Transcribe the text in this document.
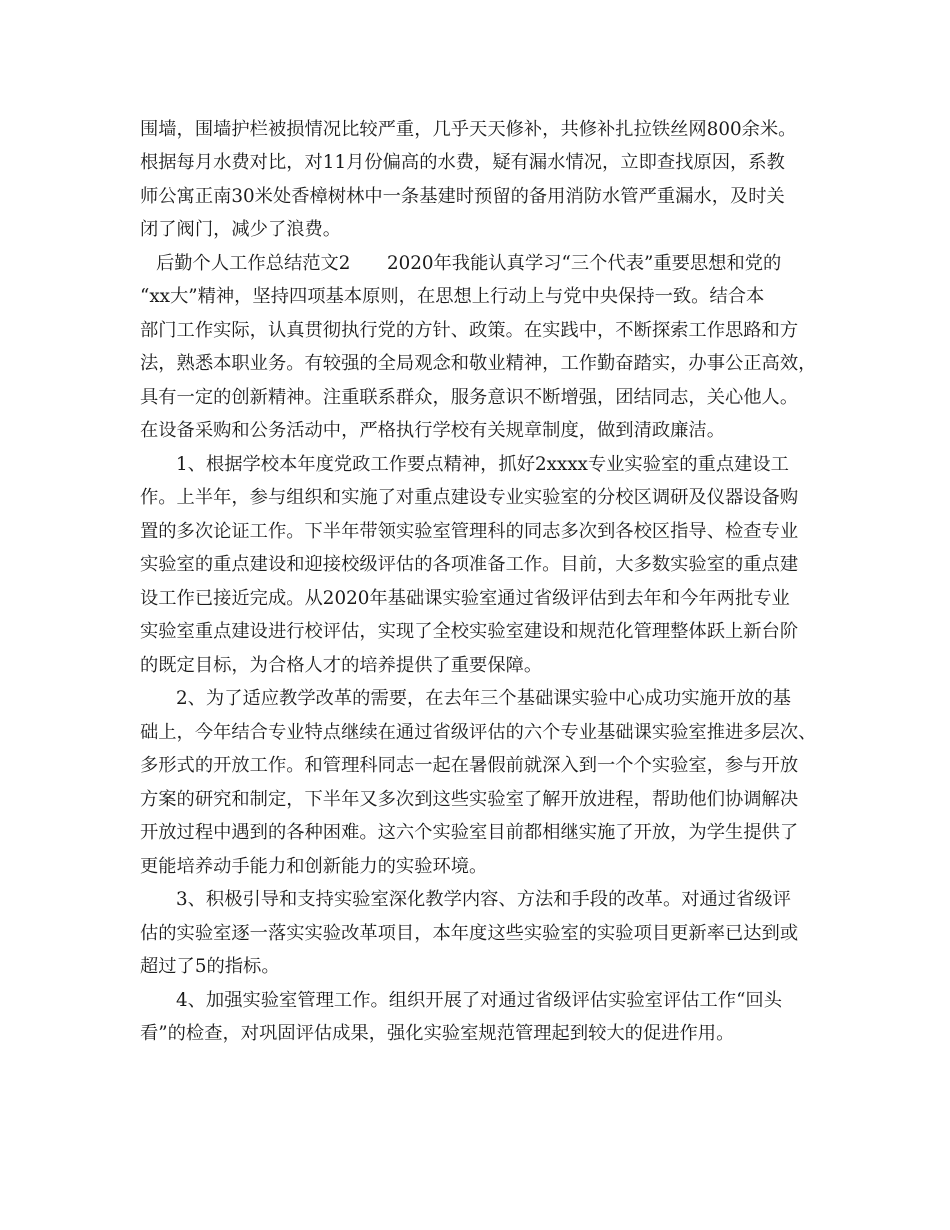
围墙，围墙护栏被损情况比较严重，几乎天天修补，共修补扎拉铁丝网800余米。
根据每月水费对比，对11月份偏高的水费，疑有漏水情况，立即查找原因，系教
师公寓正南30米处香樟树林中一条基建时预留的备用消防水管严重漏水，及时关
闭了阀门，减少了浪费。
后勤个人工作总结范文2　　2020年我能认真学习“三个代表”重要思想和党的
“xx大”精神，坚持四项基本原则，在思想上行动上与党中央保持一致。结合本
部门工作实际，认真贯彻执行党的方针、政策。在实践中，不断探索工作思路和方
法，熟悉本职业务。有较强的全局观念和敬业精神，工作勤奋踏实，办事公正高效，
具有一定的创新精神。注重联系群众，服务意识不断增强，团结同志，关心他人。
在设备采购和公务活动中，严格执行学校有关规章制度，做到清政廉洁。
1、根据学校本年度党政工作要点精神，抓好2xxxx专业实验室的重点建设工
作。上半年，参与组织和实施了对重点建设专业实验室的分校区调研及仪器设备购
置的多次论证工作。下半年带领实验室管理科的同志多次到各校区指导、检查专业
实验室的重点建设和迎接校级评估的各项准备工作。目前，大多数实验室的重点建
设工作已接近完成。从2020年基础课实验室通过省级评估到去年和今年两批专业
实验室重点建设进行校评估，实现了全校实验室建设和规范化管理整体跃上新台阶
的既定目标，为合格人才的培养提供了重要保障。
2、为了适应教学改革的需要，在去年三个基础课实验中心成功实施开放的基
础上，今年结合专业特点继续在通过省级评估的六个专业基础课实验室推进多层次、
多形式的开放工作。和管理科同志一起在暑假前就深入到一个个实验室，参与开放
方案的研究和制定，下半年又多次到这些实验室了解开放进程，帮助他们协调解决
开放过程中遇到的各种困难。这六个实验室目前都相继实施了开放，为学生提供了
更能培养动手能力和创新能力的实验环境。
3、积极引导和支持实验室深化教学内容、方法和手段的改革。对通过省级评
估的实验室逐一落实实验改革项目，本年度这些实验室的实验项目更新率已达到或
超过了5的指标。
4、加强实验室管理工作。组织开展了对通过省级评估实验室评估工作“回头
看”的检查，对巩固评估成果，强化实验室规范管理起到较大的促进作用。
